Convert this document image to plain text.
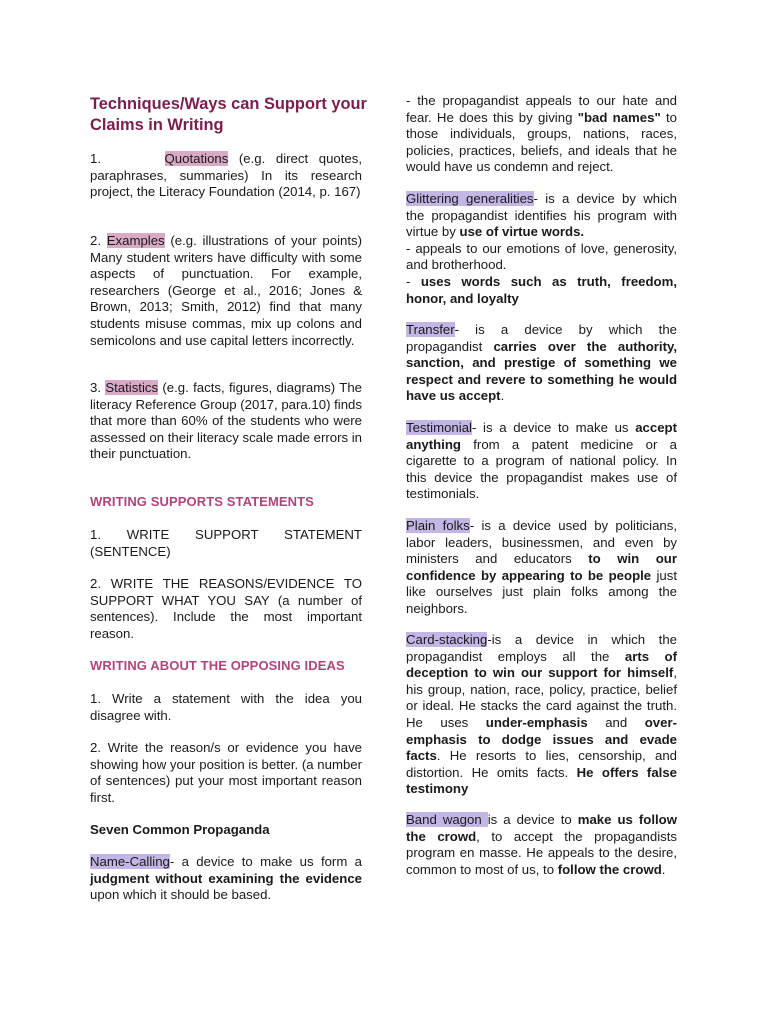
Techniques/Ways can Support your Claims in Writing

1.	Quotations (e.g. direct quotes, paraphrases, summaries) In its research project, the Literacy Foundation (2014, p. 167)

2. Examples (e.g. illustrations of your points) Many student writers have difficulty with some aspects of punctuation. For example, researchers (George et al., 2016; Jones & Brown, 2013; Smith, 2012) find that many students misuse commas, mix up colons and semicolons and use capital letters incorrectly.

3. Statistics (e.g. facts, figures, diagrams) The literacy Reference Group (2017, para.10) finds that more than 60% of the students who were assessed on their literacy scale made errors in their punctuation.

WRITING SUPPORTS STATEMENTS

1. WRITE SUPPORT STATEMENT (SENTENCE)

2. WRITE THE REASONS/EVIDENCE TO SUPPORT WHAT YOU SAY (a number of sentences). Include the most important reason.

WRITING ABOUT THE OPPOSING IDEAS

1. Write a statement with the idea you disagree with.

2. Write the reason/s or evidence you have showing how your position is better. (a number of sentences) put your most important reason first.

Seven Common Propaganda

Name-Calling- a device to make us form a judgment without examining the evidence upon which it should be based.

- the propagandist appeals to our hate and fear. He does this by giving "bad names" to those individuals, groups, nations, races, policies, practices, beliefs, and ideals that he would have us condemn and reject.

Glittering generalities- is a device by which the propagandist identifies his program with virtue by use of virtue words.

- appeals to our emotions of love, generosity, and brotherhood.

- uses words such as truth, freedom, honor, and loyalty

Transfer- is a device by which the propagandist carries over the authority, sanction, and prestige of something we respect and revere to something he would have us accept.

Testimonial- is a device to make us accept anything from a patent medicine or a cigarette to a program of national policy. In this device the propagandist makes use of testimonials.

Plain folks- is a device used by politicians, labor leaders, businessmen, and even by ministers and educators to win our confidence by appearing to be people just like ourselves just plain folks among the neighbors.

Card-stacking-is a device in which the propagandist employs all the arts of deception to win our support for himself, his group, nation, race, policy, practice, belief or ideal. He stacks the card against the truth. He uses under-emphasis and over-emphasis to dodge issues and evade facts. He resorts to lies, censorship, and distortion. He omits facts. He offers false testimony

Band wagon is a device to make us follow the crowd, to accept the propagandists program en masse. He appeals to the desire, common to most of us, to follow the crowd.
